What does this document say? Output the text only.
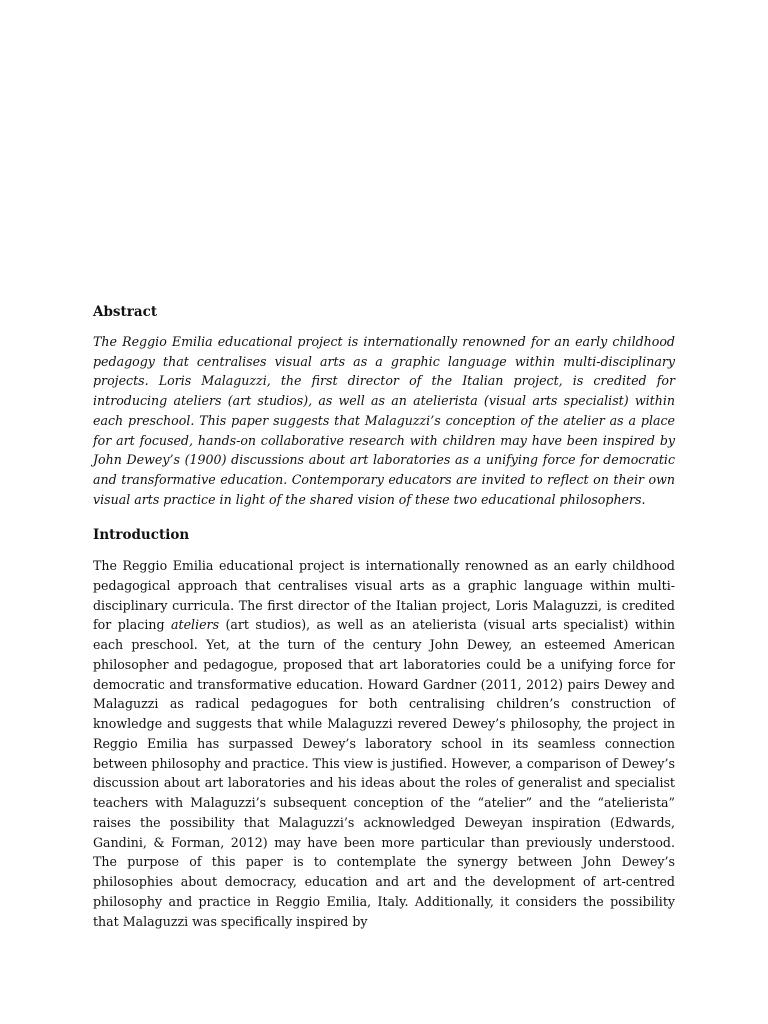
Abstract

The Reggio Emilia educational project is internationally renowned for an early childhood pedagogy that centralises visual arts as a graphic language within multi-disciplinary projects. Loris Malaguzzi, the first director of the Italian project, is credited for introducing ateliers (art studios), as well as an atelierista (visual arts specialist) within each preschool. This paper suggests that Malaguzzi’s conception of the atelier as a place for art focused, hands-on collaborative research with children may have been inspired by John Dewey’s (1900) discussions about art laboratories as a unifying force for democratic and transformative education. Contemporary educators are invited to reflect on their own visual arts practice in light of the shared vision of these two educational philosophers.

Introduction

The Reggio Emilia educational project is internationally renowned as an early childhood pedagogical approach that centralises visual arts as a graphic language within multi-disciplinary curricula. The first director of the Italian project, Loris Malaguzzi, is credited for placing ateliers (art studios), as well as an atelierista (visual arts specialist) within each preschool. Yet, at the turn of the century John Dewey, an esteemed American philosopher and pedagogue, proposed that art laboratories could be a unifying force for democratic and transformative education. Howard Gardner (2011, 2012) pairs Dewey and Malaguzzi as radical pedagogues for both centralising children’s construction of knowledge and suggests that while Malaguzzi revered Dewey’s philosophy, the project in Reggio Emilia has surpassed Dewey’s laboratory school in its seamless connection between philosophy and practice. This view is justified. However, a comparison of Dewey’s discussion about art laboratories and his ideas about the roles of generalist and specialist teachers with Malaguzzi’s subsequent conception of the “atelier” and the “atelierista” raises the possibility that Malaguzzi’s acknowledged Deweyan inspiration (Edwards, Gandini, & Forman, 2012) may have been more particular than previously understood. The purpose of this paper is to contemplate the synergy between John Dewey’s philosophies about democracy, education and art and the development of art-centred philosophy and practice in Reggio Emilia, Italy. Additionally, it considers the possibility that Malaguzzi was specifically inspired by
